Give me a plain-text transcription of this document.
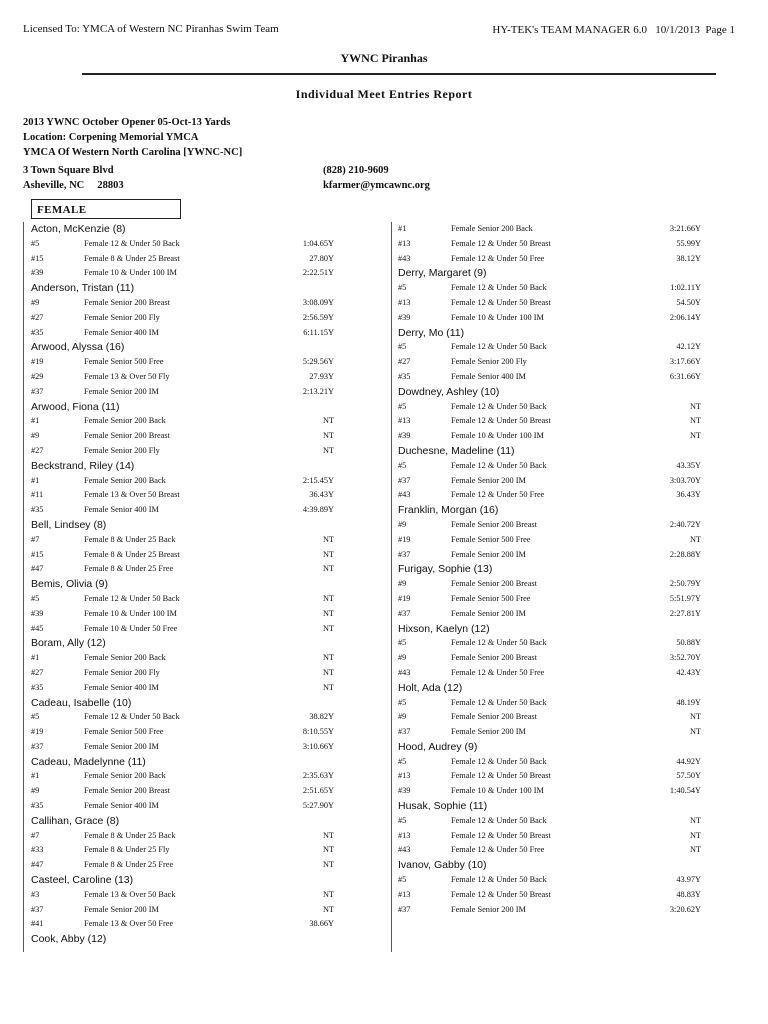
Licensed To: YMCA of Western NC Piranhas Swim Team	HY-TEK's TEAM MANAGER 6.0 10/1/2013 Page 1
YWNC Piranhas
Individual Meet Entries Report
2013 YWNC October Opener 05-Oct-13 Yards
Location: Corpening Memorial YMCA
YMCA Of Western North Carolina [YWNC-NC]
3 Town Square Blvd
Asheville, NC     28803
(828) 210-9609
kfarmer@ymcawnc.org
FEMALE
Acton, McKenzie (8)
#5	Female 12 & Under 50 Back	1:04.65Y
#15	Female 8 & Under 25 Breast	27.80Y
#39	Female 10 & Under 100 IM	2:22.51Y
Anderson, Tristan (11)
#9	Female Senior 200 Breast	3:08.09Y
#27	Female Senior 200 Fly	2:56.59Y
#35	Female Senior 400 IM	6:11.15Y
Arwood, Alyssa (16)
#19	Female Senior 500 Free	5:29.56Y
#29	Female 13 & Over 50 Fly	27.93Y
#37	Female Senior 200 IM	2:13.21Y
Arwood, Fiona (11)
#1	Female Senior 200 Back	NT
#9	Female Senior 200 Breast	NT
#27	Female Senior 200 Fly	NT
Beckstrand, Riley (14)
#1	Female Senior 200 Back	2:15.45Y
#11	Female 13 & Over 50 Breast	36.43Y
#35	Female Senior 400 IM	4:39.89Y
Bell, Lindsey (8)
#7	Female 8 & Under 25 Back	NT
#15	Female 8 & Under 25 Breast	NT
#47	Female 8 & Under 25 Free	NT
Bemis, Olivia (9)
#5	Female 12 & Under 50 Back	NT
#39	Female 10 & Under 100 IM	NT
#45	Female 10 & Under 50 Free	NT
Boram, Ally (12)
#1	Female Senior 200 Back	NT
#27	Female Senior 200 Fly	NT
#35	Female Senior 400 IM	NT
Cadeau, Isabelle (10)
#5	Female 12 & Under 50 Back	38.82Y
#19	Female Senior 500 Free	8:10.55Y
#37	Female Senior 200 IM	3:10.66Y
Cadeau, Madelynne (11)
#1	Female Senior 200 Back	2:35.63Y
#9	Female Senior 200 Breast	2:51.65Y
#35	Female Senior 400 IM	5:27.90Y
Callihan, Grace (8)
#7	Female 8 & Under 25 Back	NT
#33	Female 8 & Under 25 Fly	NT
#47	Female 8 & Under 25 Free	NT
Casteel, Caroline (13)
#3	Female 13 & Over 50 Back	NT
#37	Female Senior 200 IM	NT
#41	Female 13 & Over 50 Free	38.66Y
Cook, Abby (12)
#1	Female Senior 200 Back	3:21.66Y
#13	Female 12 & Under 50 Breast	55.99Y
#43	Female 12 & Under 50 Free	38.12Y
Derry, Margaret (9)
#5	Female 12 & Under 50 Back	1:02.11Y
#13	Female 12 & Under 50 Breast	54.50Y
#39	Female 10 & Under 100 IM	2:06.14Y
Derry, Mo (11)
#5	Female 12 & Under 50 Back	42.12Y
#27	Female Senior 200 Fly	3:17.66Y
#35	Female Senior 400 IM	6:31.66Y
Dowdney, Ashley (10)
#5	Female 12 & Under 50 Back	NT
#13	Female 12 & Under 50 Breast	NT
#39	Female 10 & Under 100 IM	NT
Duchesne, Madeline (11)
#5	Female 12 & Under 50 Back	43.35Y
#37	Female Senior 200 IM	3:03.70Y
#43	Female 12 & Under 50 Free	36.43Y
Franklin, Morgan (16)
#9	Female Senior 200 Breast	2:40.72Y
#19	Female Senior 500 Free	NT
#37	Female Senior 200 IM	2:28.88Y
Furigay, Sophie (13)
#9	Female Senior 200 Breast	2:50.79Y
#19	Female Senior 500 Free	5:51.97Y
#37	Female Senior 200 IM	2:27.81Y
Hixson, Kaelyn (12)
#5	Female 12 & Under 50 Back	50.88Y
#9	Female Senior 200 Breast	3:52.70Y
#43	Female 12 & Under 50 Free	42.43Y
Holt, Ada (12)
#5	Female 12 & Under 50 Back	48.19Y
#9	Female Senior 200 Breast	NT
#37	Female Senior 200 IM	NT
Hood, Audrey (9)
#5	Female 12 & Under 50 Back	44.92Y
#13	Female 12 & Under 50 Breast	57.50Y
#39	Female 10 & Under 100 IM	1:40.54Y
Husak, Sophie (11)
#5	Female 12 & Under 50 Back	NT
#13	Female 12 & Under 50 Breast	NT
#43	Female 12 & Under 50 Free	NT
Ivanov, Gabby (10)
#5	Female 12 & Under 50 Back	43.97Y
#13	Female 12 & Under 50 Breast	48.83Y
#37	Female Senior 200 IM	3:20.62Y
